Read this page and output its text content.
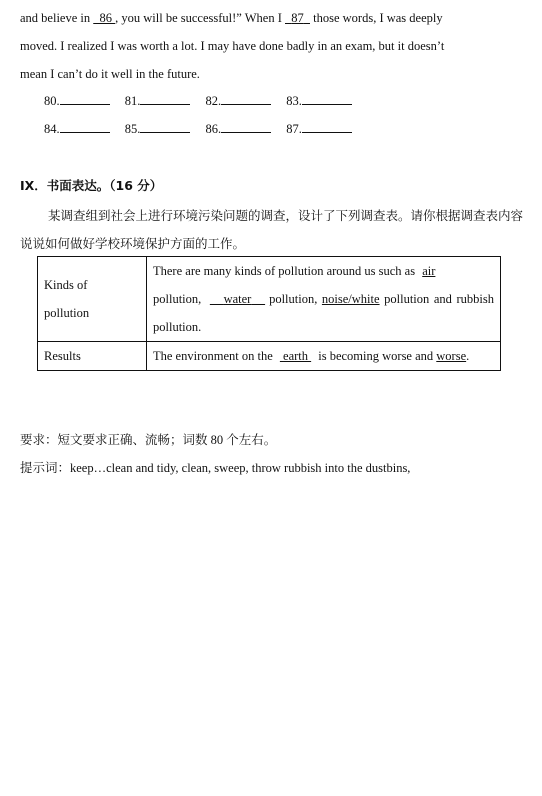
and believe in   86 , you will be successful!” When I   87   those words, I was deeply
moved. I realized I was worth a lot. I may have done badly in an exam, but it doesn’t
mean I can’t do it well in the future.
80.	81.	82.	83.
84.	85.	86.	87.
ⅠX．书面表达。（16 分）
某调查组到社会上进行环境污染问题的调查，设计了下列调查表。请你根据调查表内容说说如何做好学校环境保护方面的工作。
Kinds of
pollution	There are many kinds of pollution around us such as air
pollution,    water pollution, noise/white pollution and rubbish pollution.
Results	The environment on the  earth  is becoming worse and worse.
要求：短文要求正确、流畅；词数 80 个左右。
提示词：keep…clean and tidy, clean, sweep, throw rubbish into the dustbins,
